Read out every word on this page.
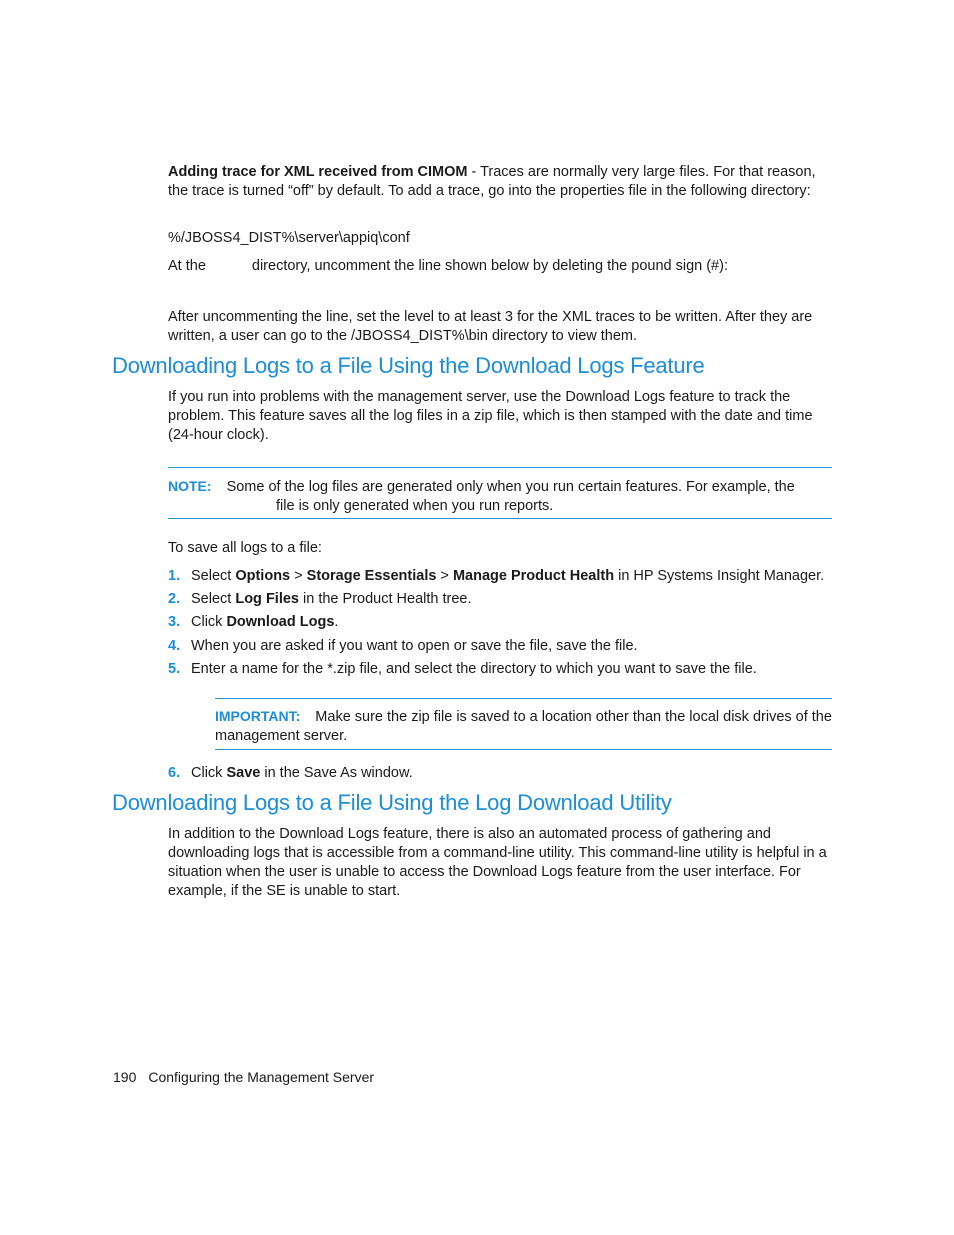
Adding trace for XML received from CIMOM - Traces are normally very large files. For that reason, the trace is turned “off” by default. To add a trace, go into the properties file in the following directory:
%/JBOSS4_DIST%\server\appiq\conf
At the	directory, uncomment the line shown below by deleting the pound sign (#):
After uncommenting the line, set the level to at least 3 for the XML traces to be written. After they are written, a user can go to the /JBOSS4_DIST%\bin directory to view them.
Downloading Logs to a File Using the Download Logs Feature
If you run into problems with the management server, use the Download Logs feature to track the problem. This feature saves all the log files in a zip file, which is then stamped with the date and time (24-hour clock).
NOTE: Some of the log files are generated only when you run certain features. For example, the
file is only generated when you run reports.
To save all logs to a file:
1. Select Options > Storage Essentials > Manage Product Health in HP Systems Insight Manager.
2. Select Log Files in the Product Health tree.
3. Click Download Logs.
4. When you are asked if you want to open or save the file, save the file.
5. Enter a name for the *.zip file, and select the directory to which you want to save the file.
IMPORTANT: Make sure the zip file is saved to a location other than the local disk drives of the management server.
6. Click Save in the Save As window.
Downloading Logs to a File Using the Log Download Utility
In addition to the Download Logs feature, there is also an automated process of gathering and downloading logs that is accessible from a command-line utility. This command-line utility is helpful in a situation when the user is unable to access the Download Logs feature from the user interface. For example, if the SE is unable to start.
190 Configuring the Management Server
